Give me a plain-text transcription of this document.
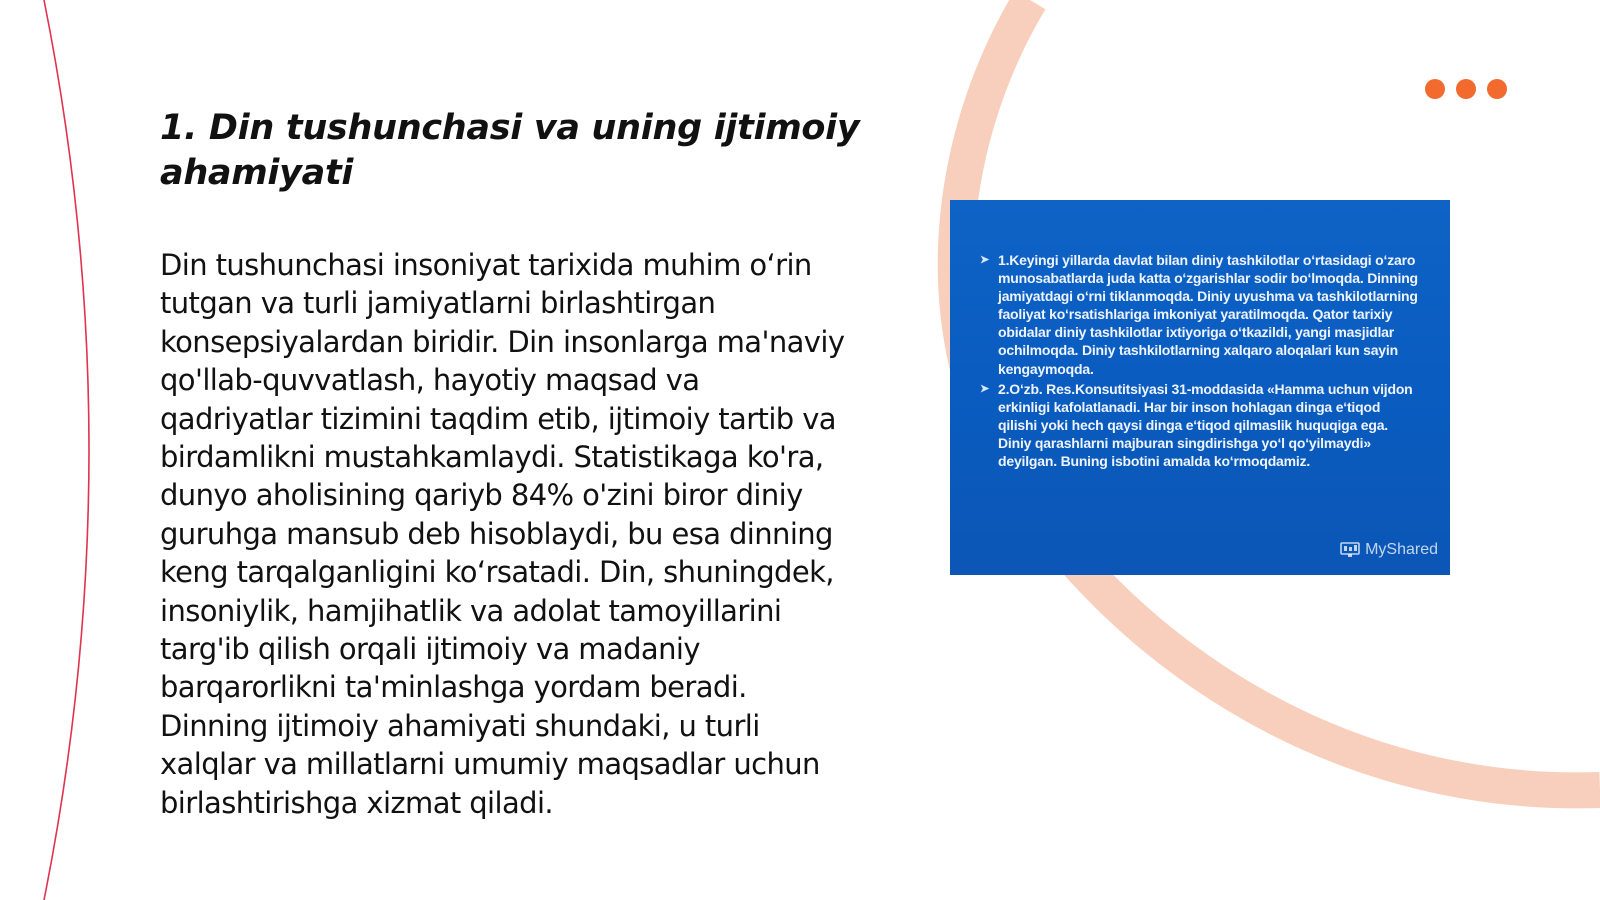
1. Din tushunchasi va uning ijtimoiy ahamiyati

Din tushunchasi insoniyat tarixida muhim o‘rin tutgan va turli jamiyatlarni birlashtirgan konsepsiyalardan biridir. Din insonlarga ma'naviy qo'llab-quvvatlash, hayotiy maqsad va qadriyatlar tizimini taqdim etib, ijtimoiy tartib va birdamlikni mustahkamlaydi. Statistikaga ko'ra, dunyo aholisining qariyb 84% o'zini biror diniy guruhga mansub deb hisoblaydi, bu esa dinning keng tarqalganligini ko‘rsatadi. Din, shuningdek, insoniylik, hamjihatlik va adolat tamoyillarini targ'ib qilish orqali ijtimoiy va madaniy barqarorlikni ta'minlashga yordam beradi. Dinning ijtimoiy ahamiyati shundaki, u turli xalqlar va millatlarni umumiy maqsadlar uchun birlashtirishga xizmat qiladi.

➤ 1.Keyingi yillarda davlat bilan diniy tashkilotlar o‘rtasidagi o‘zaro munosabatlarda juda katta o‘zgarishlar sodir bo‘lmoqda. Dinning jamiyatdagi o‘rni tiklanmoqda. Diniy uyushma va tashkilotlarning faoliyat ko‘rsatishlariga imkoniyat yaratilmoqda. Qator tarixiy obidalar diniy tashkilotlar ixtiyoriga o‘tkazildi, yangi masjidlar ochilmoqda. Diniy tashkilotlarning xalqaro aloqalari kun sayin kengaymoqda.
➤ 2.O‘zb. Res.Konsutitsiyasi 31-moddasida «Hamma uchun vijdon erkinligi kafolatlanadi. Har bir inson hohlagan dinga e‘tiqod qilishi yoki hech qaysi dinga e‘tiqod qilmaslik huquqiga ega. Diniy qarashlarni majburan singdirishga yo‘l qo‘yilmaydi» deyilgan. Buning isbotini amalda ko‘rmoqdamiz.
MyShared
